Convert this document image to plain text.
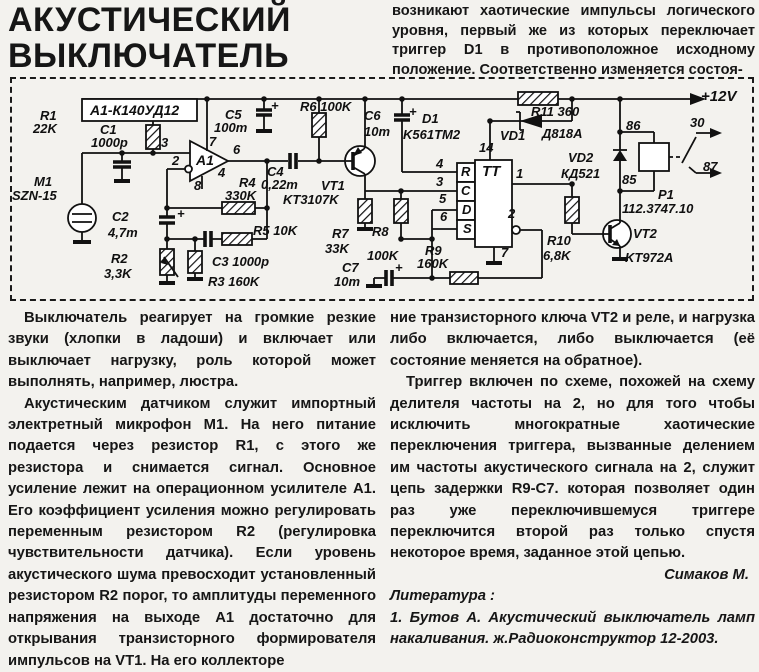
АКУСТИЧЕСКИЙ
ВЫКЛЮЧАТЕЛЬ
возникают хаотические импульсы логического уровня, первый же из которых переключает триггер D1 в противоположное исходному положение. Соответственно изменяется состоя-
R1
22K
А1-К140УД12
C1
1000p
M1
SZN-15
C2	+
4,7m
R2
3,3K
3
2
7
A1
8
4
6
R4
330K
C4
0,22m
R5 10K
C3 1000p
R3 160K
C5
100m
+ R6 100K
VT1
KT3107K
C6 +
10m
D1
K561TM2
R7
33K
R8
100K
C7	+
10m
R9
160K
4
3
5
6
14
TT
R
C
D
S
1
2
7
R11 360
VD1 Д818А
VD2
КД521
R10
6,8K
VT2
KT972A
86
85
30
87
P1
112.3747.10
+12V

Выключатель реагирует на громкие резкие звуки (хлопки в ладоши) и включает или выключает нагрузку, роль которой может выполнять, например, люстра.

Акустическим датчиком служит импортный электретный микрофон M1. На него питание подается через резистор R1, с этого же резистора и снимается сигнал. Основное усиление лежит на операционном усилителе A1. Его коэффициент усиления можно регулировать переменным резистором R2 (регулировка чувствительности датчика). Если уровень акустического шума превосходит установленный резистором R2 порог, то амплитуды переменного напряжения на выходе A1 достаточно для открывания транзисторного формирователя импульсов на VT1. На его коллекторе

ние транзисторного ключа VT2 и реле, и нагрузка либо включается, либо выключается (её состояние меняется на обратное).

Триггер включен по схеме, похожей на схему делителя частоты на 2, но для того чтобы исключить многократные хаотические переключения триггера, вызванные делением им частоты акустического сигнала на 2, служит цепь задержки R9-C7. которая позволяет один раз уже переключившемуся триггере переключится второй раз только спустя некоторое время, заданное этой цепью.

Симаков М.

Литература :

1. Бутов А. Акустический выключатель ламп накаливания. ж.Радиоконструктор 12-2003.
